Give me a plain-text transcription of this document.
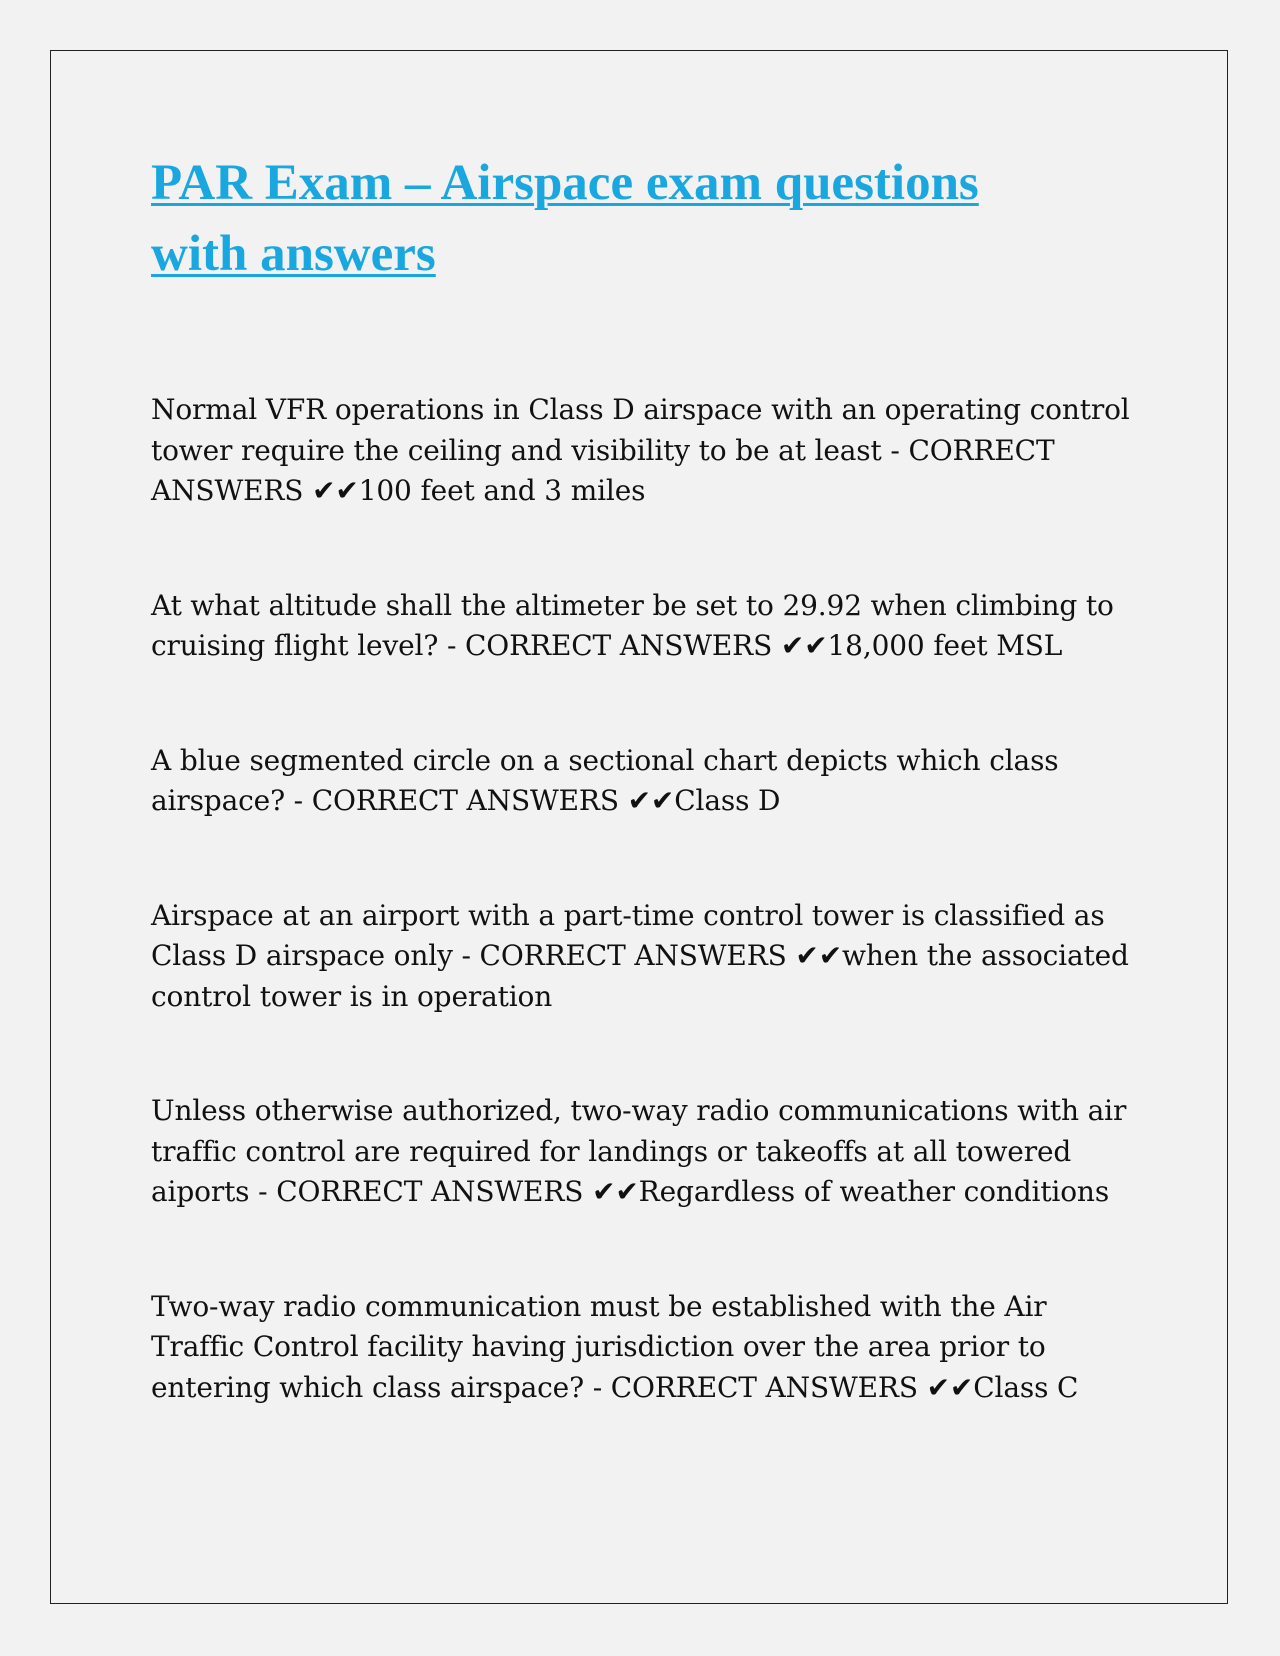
PAR Exam – Airspace exam questions with answers

Normal VFR operations in Class D airspace with an operating control tower require the ceiling and visibility to be at least - CORRECT ANSWERS ✔✔100 feet and 3 miles

At what altitude shall the altimeter be set to 29.92 when climbing to cruising flight level? - CORRECT ANSWERS ✔✔18,000 feet MSL

A blue segmented circle on a sectional chart depicts which class airspace? - CORRECT ANSWERS ✔✔Class D

Airspace at an airport with a part-time control tower is classified as Class D airspace only - CORRECT ANSWERS ✔✔when the associated control tower is in operation

Unless otherwise authorized, two-way radio communications with air traffic control are required for landings or takeoffs at all towered aiports - CORRECT ANSWERS ✔✔Regardless of weather conditions

Two-way radio communication must be established with the Air Traffic Control facility having jurisdiction over the area prior to entering which class airspace? - CORRECT ANSWERS ✔✔Class C
